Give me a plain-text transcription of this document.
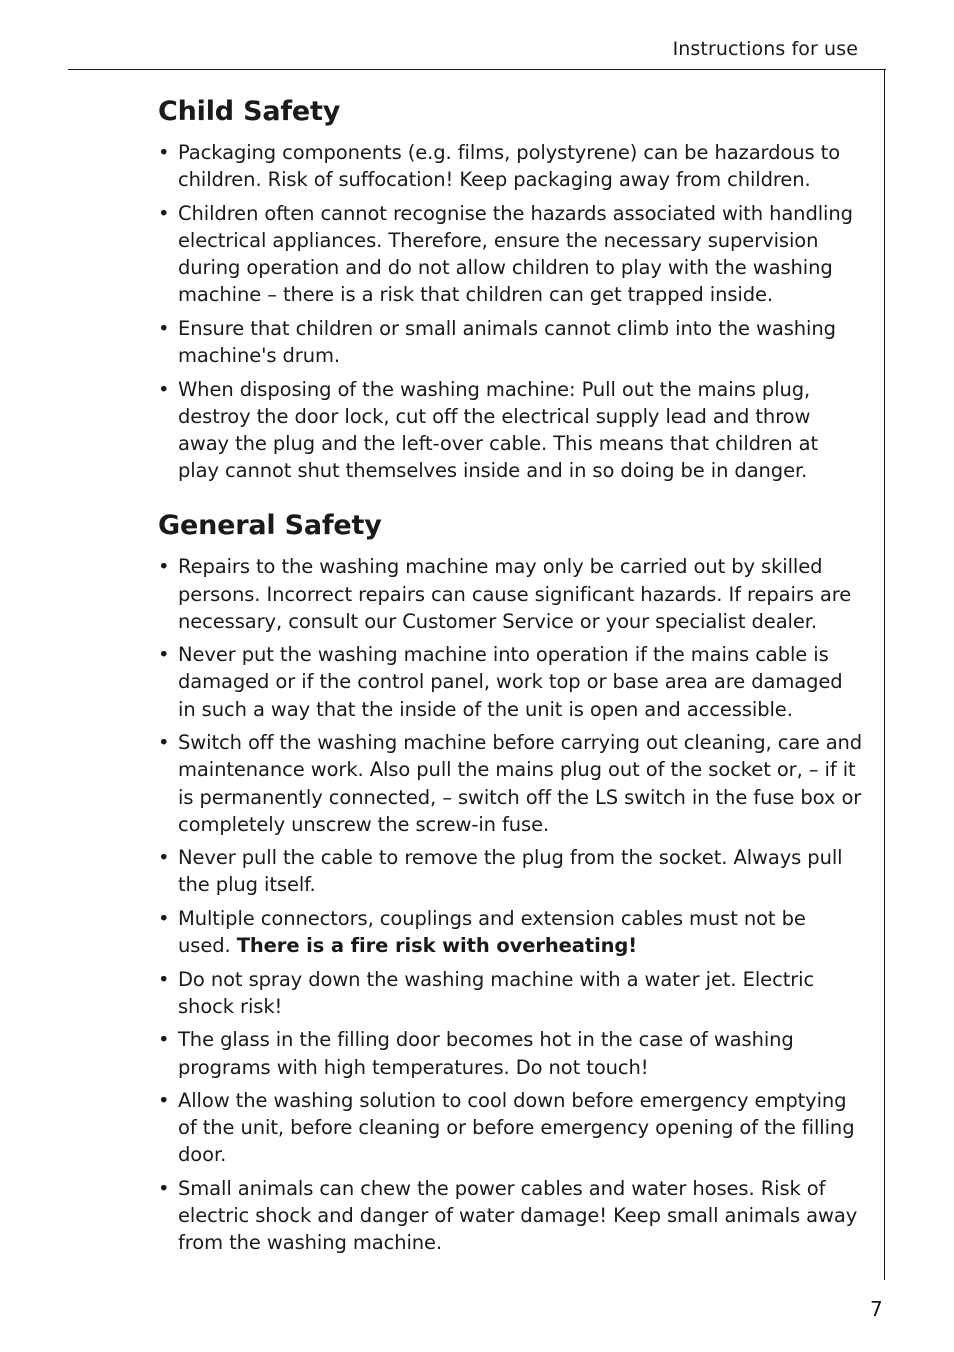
Instructions for use
Child Safety
• Packaging components (e.g. films, polystyrene) can be hazardous to children. Risk of suffocation! Keep packaging away from children.
• Children often cannot recognise the hazards associated with handling electrical appliances. Therefore, ensure the necessary supervision during operation and do not allow children to play with the washing machine – there is a risk that children can get trapped inside.
• Ensure that children or small animals cannot climb into the washing machine's drum.
• When disposing of the washing machine: Pull out the mains plug, destroy the door lock, cut off the electrical supply lead and throw away the plug and the left-over cable. This means that children at play cannot shut themselves inside and in so doing be in danger.
General Safety
• Repairs to the washing machine may only be carried out by skilled persons. Incorrect repairs can cause significant hazards. If repairs are necessary, consult our Customer Service or your specialist dealer.
• Never put the washing machine into operation if the mains cable is damaged or if the control panel, work top or base area are damaged in such a way that the inside of the unit is open and accessible.
• Switch off the washing machine before carrying out cleaning, care and maintenance work. Also pull the mains plug out of the socket or, – if it is permanently connected, – switch off the LS switch in the fuse box or completely unscrew the screw-in fuse.
• Never pull the cable to remove the plug from the socket. Always pull the plug itself.
• Multiple connectors, couplings and extension cables must not be used. There is a fire risk with overheating!
• Do not spray down the washing machine with a water jet. Electric shock risk!
• The glass in the filling door becomes hot in the case of washing programs with high temperatures. Do not touch!
• Allow the washing solution to cool down before emergency emptying of the unit, before cleaning or before emergency opening of the filling door.
• Small animals can chew the power cables and water hoses. Risk of electric shock and danger of water damage! Keep small animals away from the washing machine.
7
